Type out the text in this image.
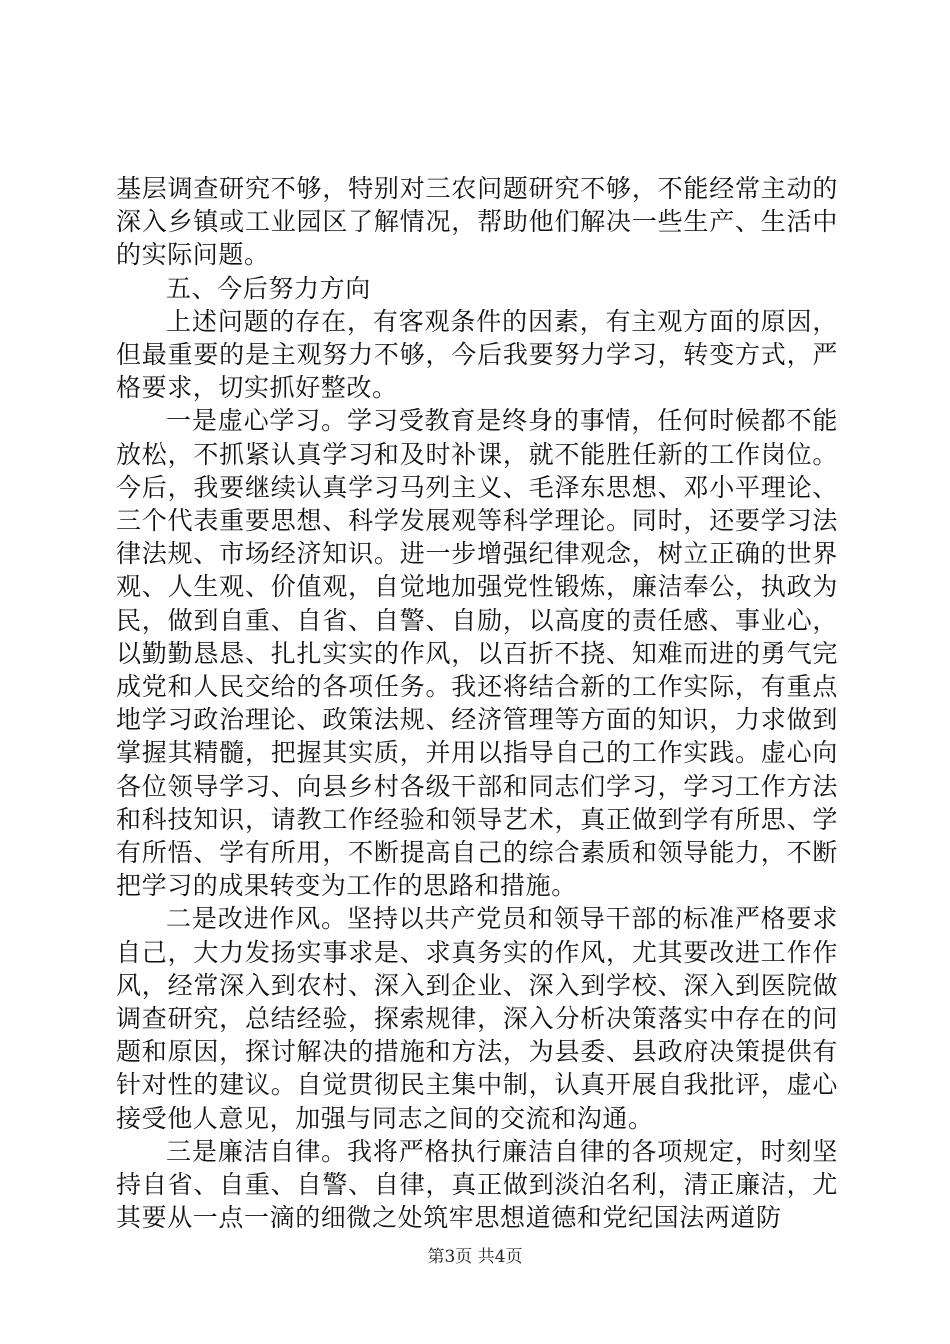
基层调查研究不够，特别对三农问题研究不够，不能经常主动的深入乡镇或工业园区了解情况，帮助他们解决一些生产、生活中的实际问题。

五、今后努力方向

上述问题的存在，有客观条件的因素，有主观方面的原因，但最重要的是主观努力不够，今后我要努力学习，转变方式，严格要求，切实抓好整改。

一是虚心学习。学习受教育是终身的事情，任何时候都不能放松，不抓紧认真学习和及时补课，就不能胜任新的工作岗位。今后，我要继续认真学习马列主义、毛泽东思想、邓小平理论、三个代表重要思想、科学发展观等科学理论。同时，还要学习法律法规、市场经济知识。进一步增强纪律观念，树立正确的世界观、人生观、价值观，自觉地加强党性锻炼，廉洁奉公，执政为民，做到自重、自省、自警、自励，以高度的责任感、事业心，以勤勤恳恳、扎扎实实的作风，以百折不挠、知难而进的勇气完成党和人民交给的各项任务。我还将结合新的工作实际，有重点地学习政治理论、政策法规、经济管理等方面的知识，力求做到掌握其精髓，把握其实质，并用以指导自己的工作实践。虚心向各位领导学习、向县乡村各级干部和同志们学习，学习工作方法和科技知识，请教工作经验和领导艺术，真正做到学有所思、学有所悟、学有所用，不断提高自己的综合素质和领导能力，不断把学习的成果转变为工作的思路和措施。

二是改进作风。坚持以共产党员和领导干部的标准严格要求自己，大力发扬实事求是、求真务实的作风，尤其要改进工作作风，经常深入到农村、深入到企业、深入到学校、深入到医院做调查研究，总结经验，探索规律，深入分析决策落实中存在的问题和原因，探讨解决的措施和方法，为县委、县政府决策提供有针对性的建议。自觉贯彻民主集中制，认真开展自我批评，虚心接受他人意见，加强与同志之间的交流和沟通。

三是廉洁自律。我将严格执行廉洁自律的各项规定，时刻坚持自省、自重、自警、自律，真正做到淡泊名利，清正廉洁，尤其要从一点一滴的细微之处筑牢思想道德和党纪国法两道防

第3页 共4页
